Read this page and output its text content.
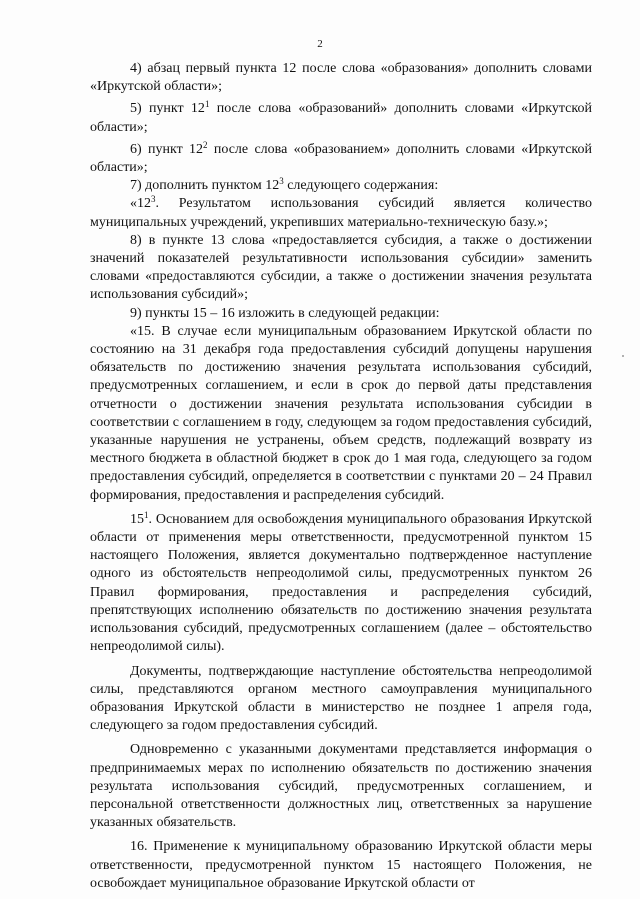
2

4) абзац первый пункта 12 после слова «образования» дополнить словами «Иркутской области»;

5) пункт $12^1$ после слова «образований» дополнить словами «Иркутской области»;

6) пункт $12^2$ после слова «образованием» дополнить словами «Иркутской области»;

7) дополнить пунктом $12^3$ следующего содержания:

«$12^3$. Результатом использования субсидий является количество муниципальных учреждений, укрепивших материально-техническую базу.»;

8) в пункте 13 слова «предоставляется субсидия, а также о достижении значений показателей результативности использования субсидии» заменить словами «предоставляются субсидии, а также о достижении значения результата использования субсидий»;

9) пункты 15 – 16 изложить в следующей редакции:

«15. В случае если муниципальным образованием Иркутской области по состоянию на 31 декабря года предоставления субсидий допущены нарушения обязательств по достижению значения результата использования субсидий, предусмотренных соглашением, и если в срок до первой даты представления отчетности о достижении значения результата использования субсидии в соответствии с соглашением в году, следующем за годом предоставления субсидий, указанные нарушения не устранены, объем средств, подлежащий возврату из местного бюджета в областной бюджет в срок до 1 мая года, следующего за годом предоставления субсидий, определяется в соответствии с пунктами 20 – 24 Правил формирования, предоставления и распределения субсидий.

$15^1$. Основанием для освобождения муниципального образования Иркутской области от применения меры ответственности, предусмотренной пунктом 15 настоящего Положения, является документально подтвержденное наступление одного из обстоятельств непреодолимой силы, предусмотренных пунктом 26 Правил формирования, предоставления и распределения субсидий, препятствующих исполнению обязательств по достижению значения результата использования субсидий, предусмотренных соглашением (далее – обстоятельство непреодолимой силы).

Документы, подтверждающие наступление обстоятельства непреодолимой силы, представляются органом местного самоуправления муниципального образования Иркутской области в министерство не позднее 1 апреля года, следующего за годом предоставления субсидий.

Одновременно с указанными документами представляется информация о предпринимаемых мерах по исполнению обязательств по достижению значения результата использования субсидий, предусмотренных соглашением, и персональной ответственности должностных лиц, ответственных за нарушение указанных обязательств.

16. Применение к муниципальному образованию Иркутской области меры ответственности, предусмотренной пунктом 15 настоящего Положения, не освобождает муниципальное образование Иркутской области от
